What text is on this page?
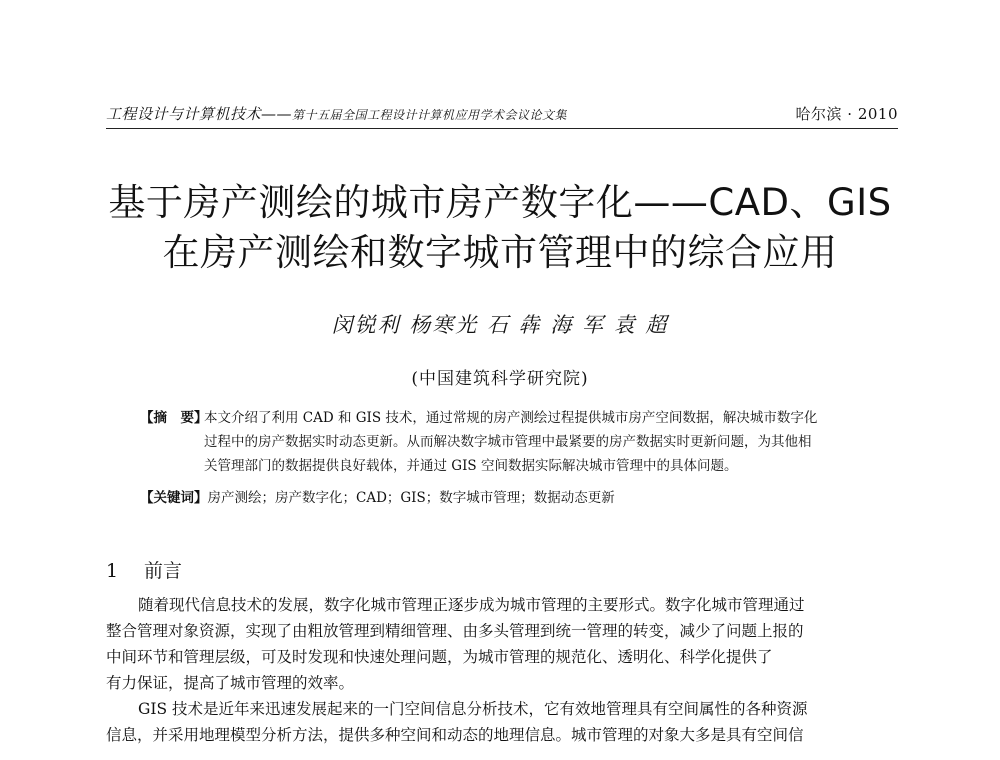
工程设计与计算机技术——第十五届全国工程设计计算机应用学术会议论文集	哈尔滨 · 2010
基于房产测绘的城市房产数字化——CAD、GIS
在房产测绘和数字城市管理中的综合应用
闵锐利 杨寒光 石 犇 海 军 袁 超
(中国建筑科学研究院)
【摘　要】本文介绍了利用 CAD 和 GIS 技术，通过常规的房产测绘过程提供城市房产空间数据，解决城市数字化
过程中的房产数据实时动态更新。从而解决数字城市管理中最紧要的房产数据实时更新问题，为其他相
关管理部门的数据提供良好载体，并通过 GIS 空间数据实际解决城市管理中的具体问题。
【关键词】房产测绘；房产数字化；CAD；GIS；数字城市管理；数据动态更新
1 前言
随着现代信息技术的发展，数字化城市管理正逐步成为城市管理的主要形式。数字化城市管理通过
整合管理对象资源，实现了由粗放管理到精细管理、由多头管理到统一管理的转变，减少了问题上报的
中间环节和管理层级，可及时发现和快速处理问题，为城市管理的规范化、透明化、科学化提供了
有力保证，提高了城市管理的效率。
GIS 技术是近年来迅速发展起来的一门空间信息分析技术，它有效地管理具有空间属性的各种资源
信息，并采用地理模型分析方法，提供多种空间和动态的地理信息。城市管理的对象大多是具有空间信
